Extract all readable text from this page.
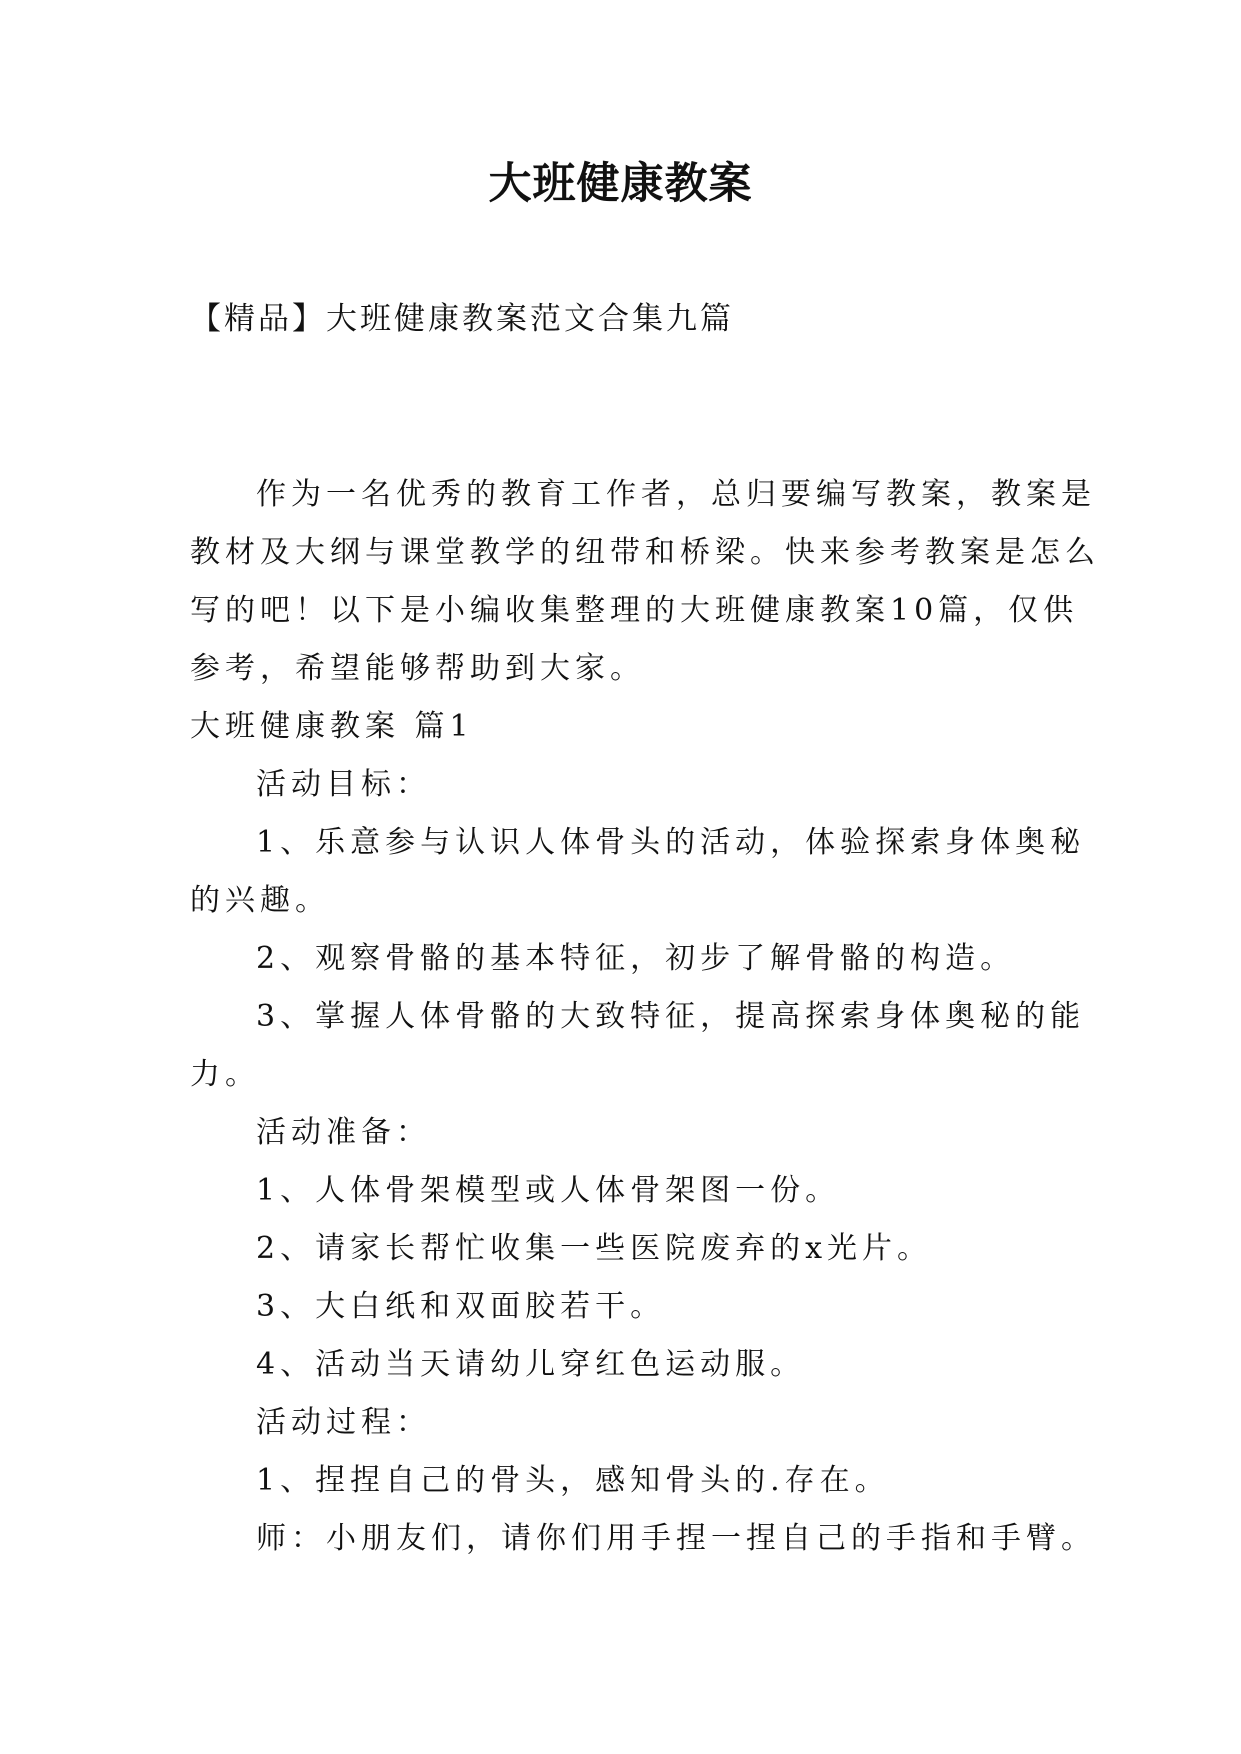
大班健康教案
【精品】大班健康教案范文合集九篇
作为一名优秀的教育工作者，总归要编写教案，教案是
教材及大纲与课堂教学的纽带和桥梁。快来参考教案是怎么
写的吧！以下是小编收集整理的大班健康教案10篇，仅供
参考，希望能够帮助到大家。
大班健康教案 篇1
活动目标：
1、乐意参与认识人体骨头的活动，体验探索身体奥秘
的兴趣。
2、观察骨骼的基本特征，初步了解骨骼的构造。
3、掌握人体骨骼的大致特征，提高探索身体奥秘的能
力。
活动准备：
1、人体骨架模型或人体骨架图一份。
2、请家长帮忙收集一些医院废弃的x光片。
3、大白纸和双面胶若干。
4、活动当天请幼儿穿红色运动服。
活动过程：
1、捏捏自己的骨头，感知骨头的.存在。
师：小朋友们，请你们用手捏一捏自己的手指和手臂。
